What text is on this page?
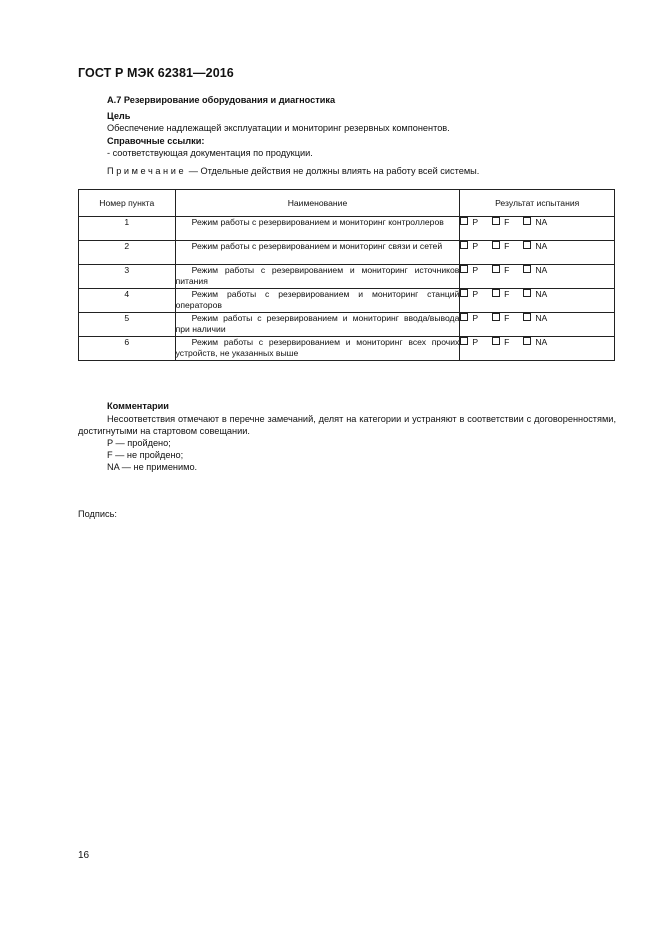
ГОСТ Р МЭК 62381—2016
А.7 Резервирование оборудования и диагностика
Цель
Обеспечение надлежащей эксплуатации и мониторинг резервных компонентов.
Справочные ссылки:
- соответствующая документация по продукции.
Примечание — Отдельные действия не должны влиять на работу всей системы.
Номер пункта	Наименование	Результат испытания
1	Режим работы с резервированием и мониторинг контроллеров	P F NA
2	Режим работы с резервированием и мониторинг связи и сетей	P F NA
3	Режим работы с резервированием и мониторинг источников питания	P F NA
4	Режим работы с резервированием и мониторинг станций операторов	P F NA
5	Режим работы с резервированием и мониторинг ввода/вывода при наличии	P F NA
6	Режим работы с резервированием и мониторинг всех прочих устройств, не указанных выше	P F NA
Комментарии
Несоответствия отмечают в перечне замечаний, делят на категории и устраняют в соответствии с договоренностями, достигнутыми на стартовом совещании.
P — пройдено;
F — не пройдено;
NA — не применимо.
Подпись:
16
